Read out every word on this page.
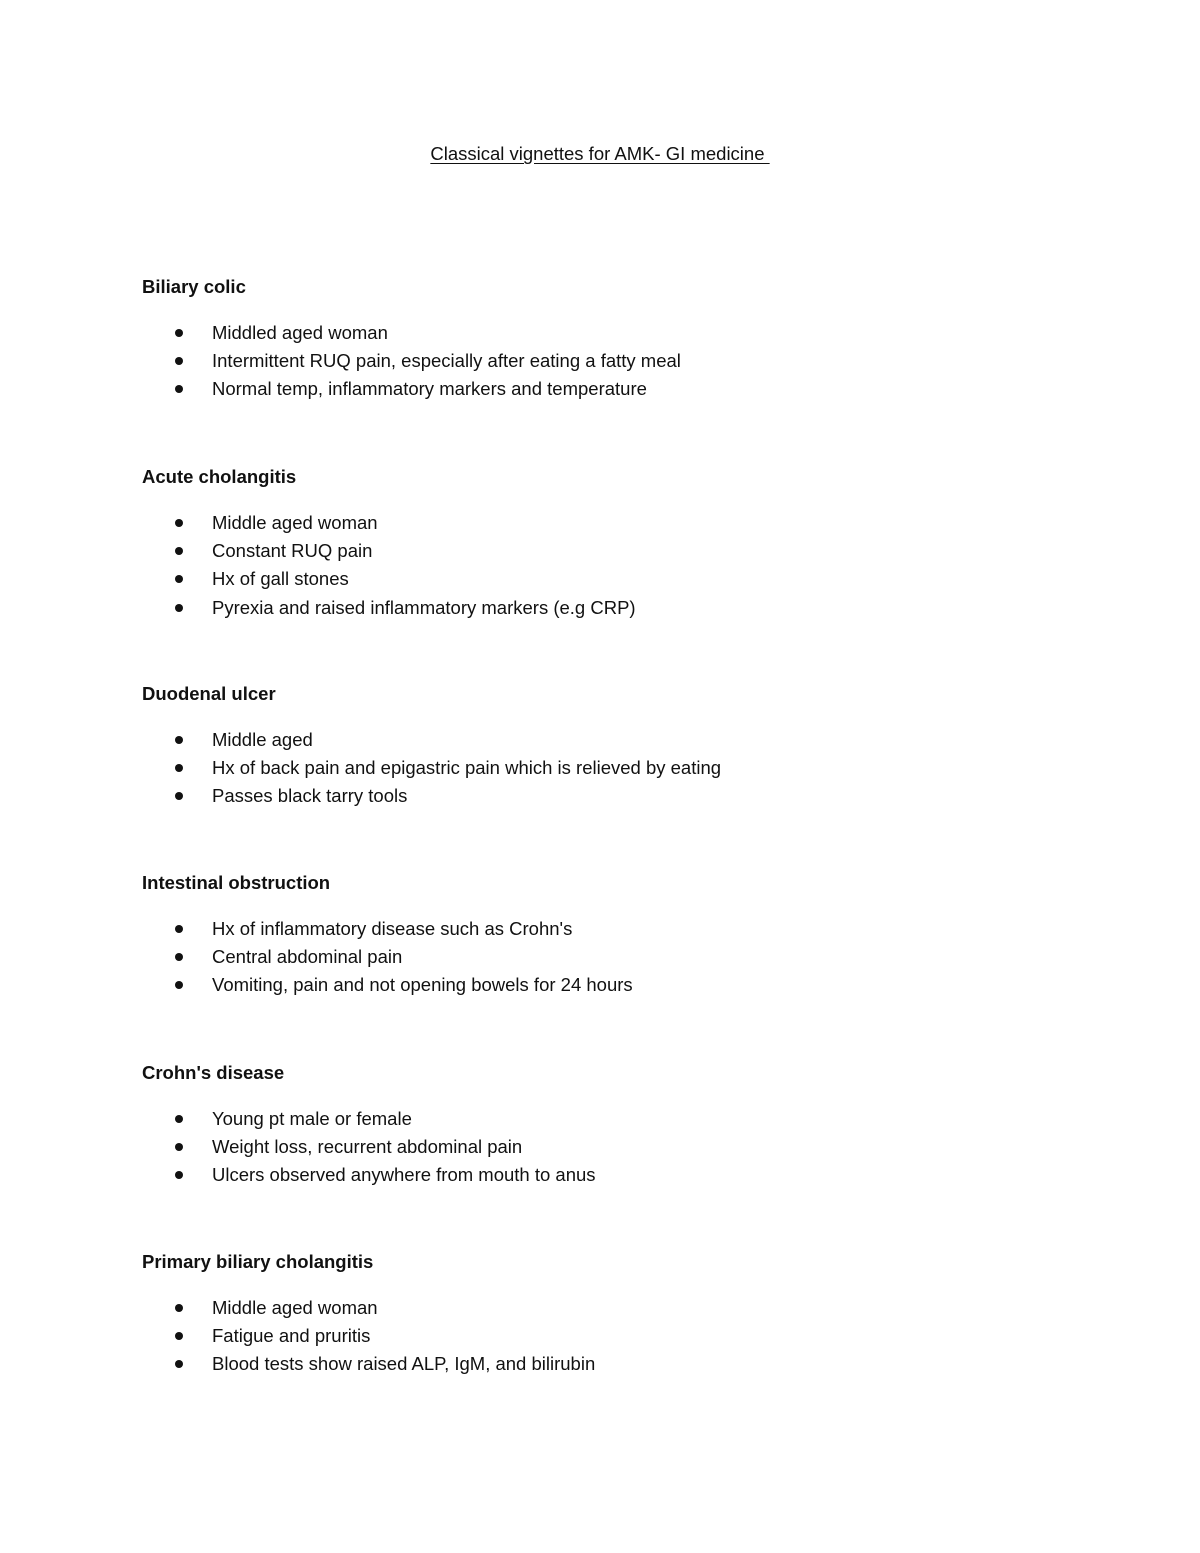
Classical vignettes for AMK- GI medicine
Biliary colic
Middled aged woman
Intermittent RUQ pain, especially after eating a fatty meal
Normal temp, inflammatory markers and temperature
Acute cholangitis
Middle aged woman
Constant RUQ pain
Hx of gall stones
Pyrexia and raised inflammatory markers (e.g CRP)
Duodenal ulcer
Middle aged
Hx of back pain and epigastric pain which is relieved by eating
Passes black tarry tools
Intestinal obstruction
Hx of inflammatory disease such as Crohn's
Central abdominal pain
Vomiting, pain and not opening bowels for 24 hours
Crohn's disease
Young pt male or female
Weight loss, recurrent abdominal pain
Ulcers observed anywhere from mouth to anus
Primary biliary cholangitis
Middle aged woman
Fatigue and pruritis
Blood tests show raised ALP, IgM, and bilirubin
